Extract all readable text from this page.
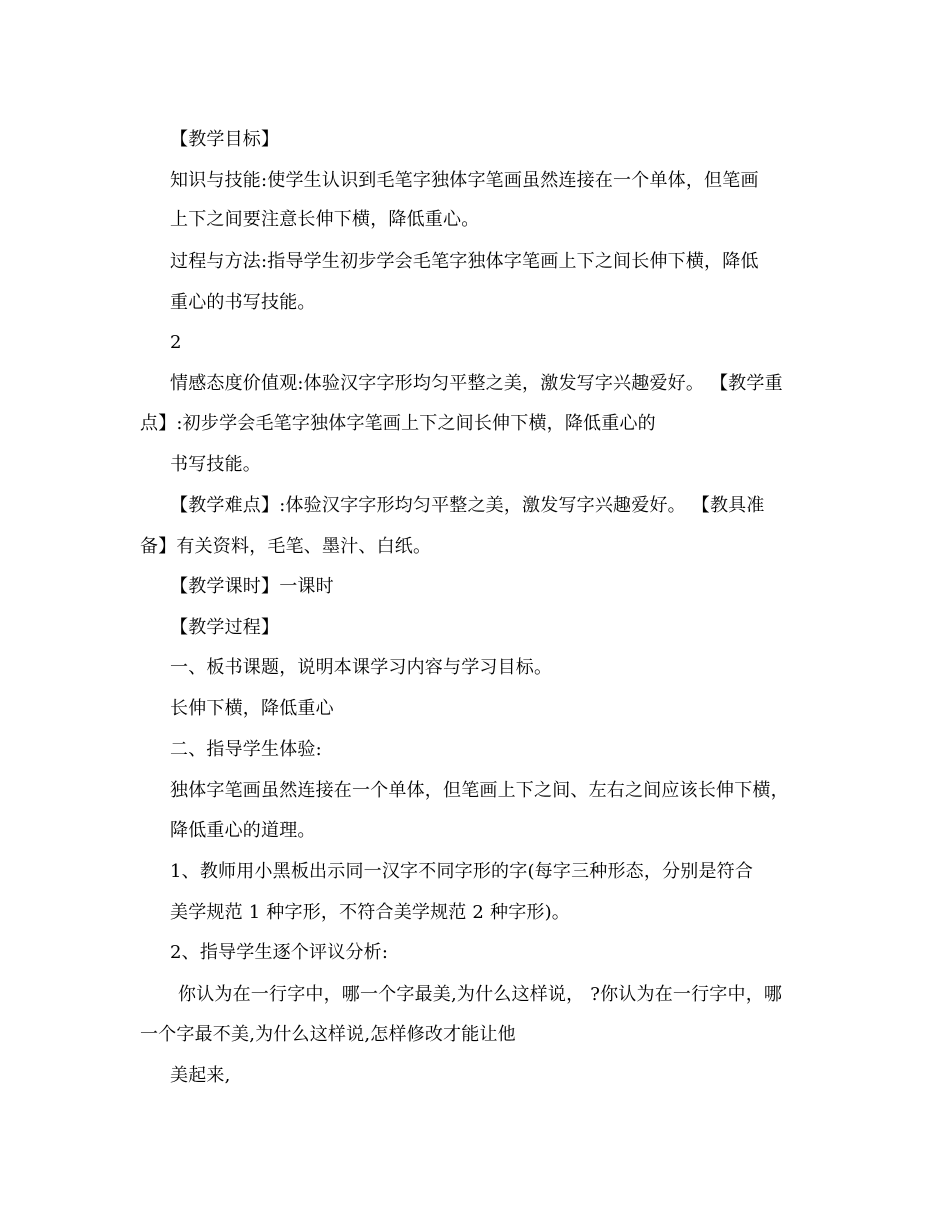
【教学目标】
知识与技能:使学生认识到毛笔字独体字笔画虽然连接在一个单体，但笔画
上下之间要注意长伸下横，降低重心。
过程与方法:指导学生初步学会毛笔字独体字笔画上下之间长伸下横，降低
重心的书写技能。
2
情感态度价值观:体验汉字字形均匀平整之美，激发写字兴趣爱好。 【教学重
点】:初步学会毛笔字独体字笔画上下之间长伸下横，降低重心的
书写技能。
【教学难点】:体验汉字字形均匀平整之美，激发写字兴趣爱好。 【教具准
备】有关资料，毛笔、墨汁、白纸。
【教学课时】一课时
【教学过程】
一、板书课题，说明本课学习内容与学习目标。
长伸下横，降低重心
二、指导学生体验:
独体字笔画虽然连接在一个单体，但笔画上下之间、左右之间应该长伸下横，
降低重心的道理。
1、教师用小黑板出示同一汉字不同字形的字(每字三种形态，分别是符合
美学规范 1 种字形，不符合美学规范 2 种字形)。
2、指导学生逐个评议分析:
你认为在一行字中，哪一个字最美,为什么这样说， ?你认为在一行字中，哪
一个字最不美,为什么这样说,怎样修改才能让他
美起来,
